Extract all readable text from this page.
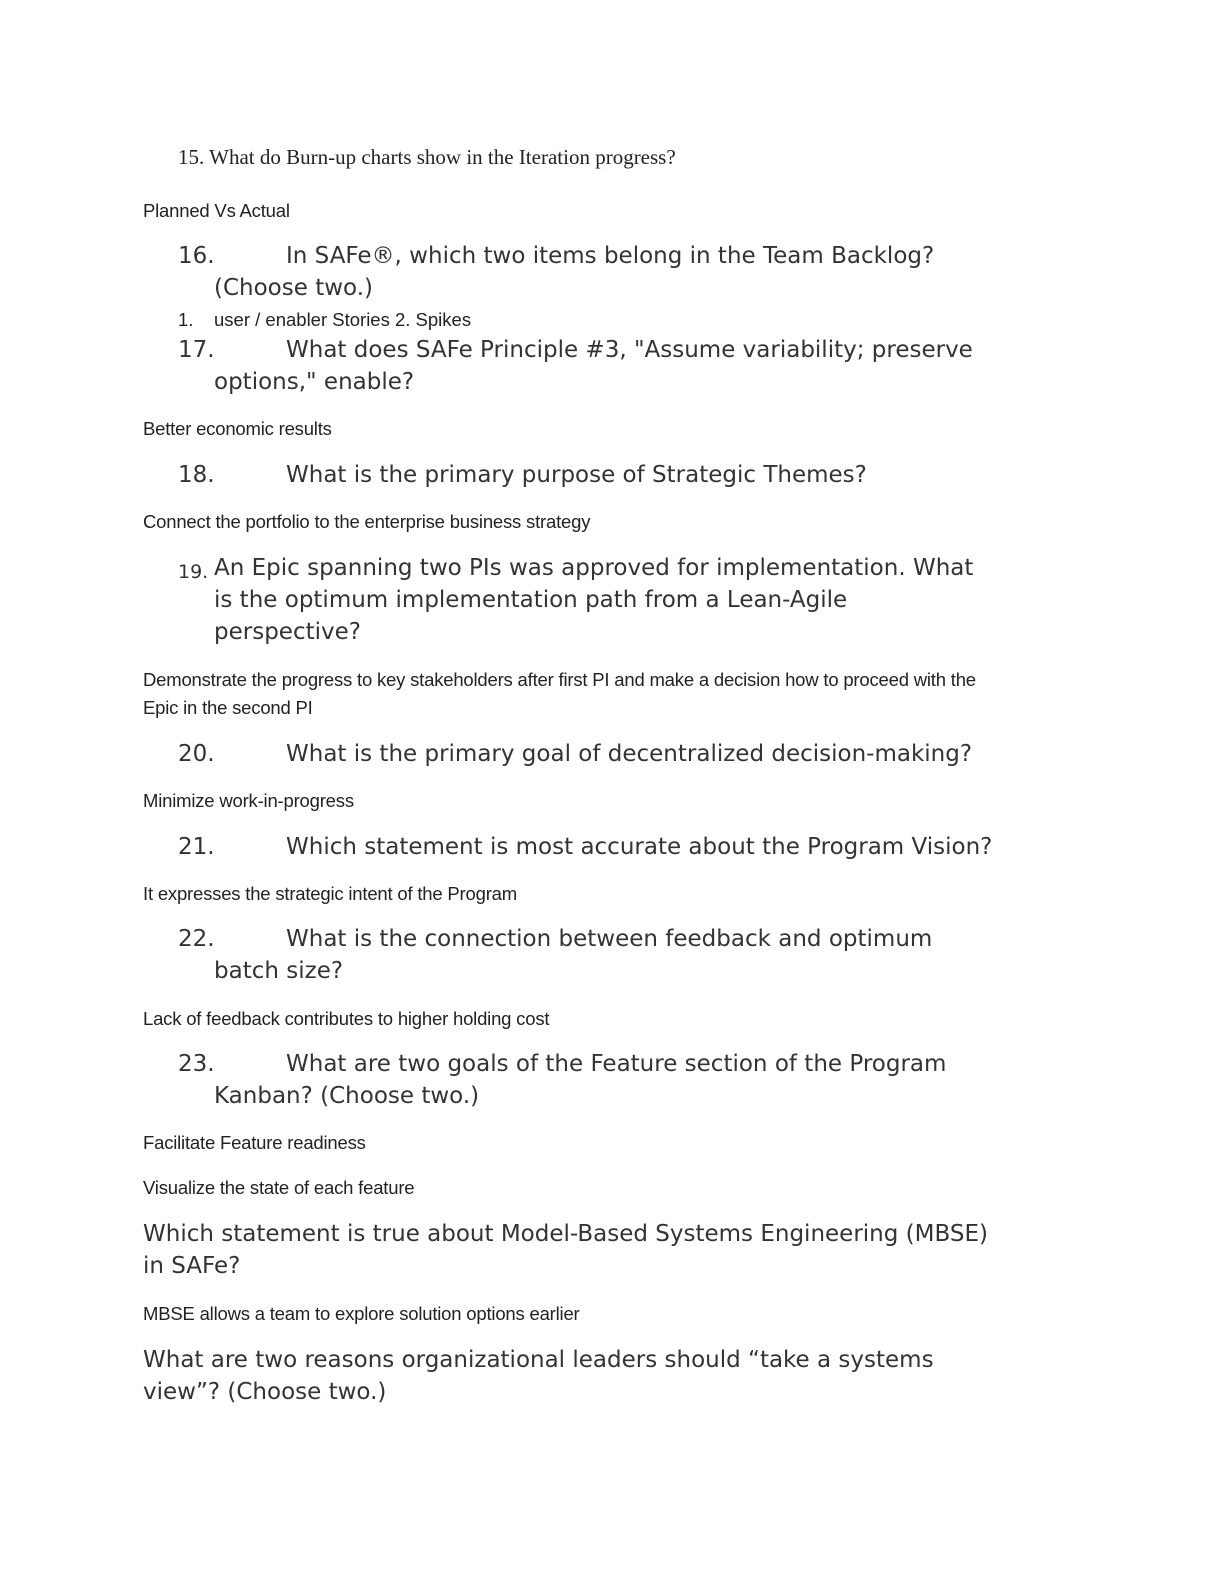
15. What do Burn-up charts show in the Iteration progress?
Planned Vs Actual
16.	In SAFe®, which two items belong in the Team Backlog?
(Choose two.)
1. user / enabler Stories 2. Spikes
17.	What does SAFe Principle #3, "Assume variability; preserve
options," enable?
Better economic results
18.	What is the primary purpose of Strategic Themes?
Connect the portfolio to the enterprise business strategy
19. An Epic spanning two PIs was approved for implementation. What
is the optimum implementation path from a Lean-Agile
perspective?
Demonstrate the progress to key stakeholders after first PI and make a decision how to proceed with the
Epic in the second PI
20.	What is the primary goal of decentralized decision-making?
Minimize work-in-progress
21.	Which statement is most accurate about the Program Vision?
It expresses the strategic intent of the Program
22.	What is the connection between feedback and optimum
batch size?
Lack of feedback contributes to higher holding cost
23.	What are two goals of the Feature section of the Program
Kanban? (Choose two.)
Facilitate Feature readiness
Visualize the state of each feature
Which statement is true about Model-Based Systems Engineering (MBSE)
in SAFe?
MBSE allows a team to explore solution options earlier
What are two reasons organizational leaders should “take a systems
view”? (Choose two.)
